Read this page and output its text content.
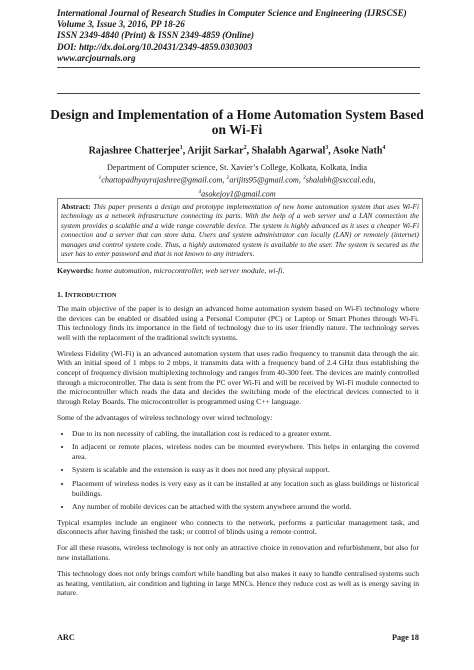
International Journal of Research Studies in Computer Science and Engineering (IJRSCSE)
Volume 3, Issue 3, 2016, PP 18-26
ISSN 2349-4840 (Print) & ISSN 2349-4859 (Online)
DOI: http://dx.doi.org/10.20431/2349-4859.0303003
www.arcjournals.org
Design and Implementation of a Home Automation System Based
on Wi-Fi
Rajashree Chatterjee$^1$, Arijit Sarkar$^2$, Shalabh Agarwal$^3$, Asoke Nath$^4$
Department of Computer science, St. Xavier’s College, Kolkata, Kolkata, India
$^1$chattopadhyayrajashree@gmail.com, $^2$arijits95@gmail.com, $^3$shalabh@sxccal.edu,
$^4$asokejoy1@gmail.com
Abstract: This paper presents a design and prototype implementation of new home automation system that uses Wi-Fi technology as a network infrastructure connecting its parts. With the help of a web server and a LAN connection the system provides a scalable and a wide range coverable device. The system is highly advanced as it uses a cheaper Wi-Fi connection and a server that can store data. Users and system administrator can locally (LAN) or remotely (internet) manages and control system code. Thus, a highly automated system is available to the user. The system is secured as the user has to enter password and that is not known to any intruders.
Keywords: home automation, microcontroller, web server module, wi-fi.
1. INTRODUCTION

The main objective of the paper is to design an advanced home automation system based on Wi-Fi technology where the devices can be enabled or disabled using a Personal Computer (PC) or Laptop or Smart Phones through Wi-Fi. This technology finds its importance in the field of technology due to its user friendly nature. The technology serves well with the replacement of the traditional switch systems.

Wireless Fidelity (Wi-Fi) is an advanced automation system that uses radio frequency to transmit data through the air. With an initial speed of 1 mbps to 2 mbps, it transmits data with a frequency band of 2.4 GHz thus establishing the concept of frequency division multiplexing technology and ranges from 40-300 feet. The devices are mainly controlled through a microcontroller. The data is sent from the PC over Wi-Fi and will be received by Wi-Fi module connected to the microcontroller which reads the data and decides the switching mode of the electrical devices connected to it through Relay Boards. The microcontroller is programmed using C++ language.

Some of the advantages of wireless technology over wired technology:

• Due to its non necessity of cabling, the installation cost is reduced to a greater extent.
• In adjacent or remote places, wireless nodes can be mounted everywhere. This helps in enlarging the covered area.
• System is scalable and the extension is easy as it does not need any physical support.
• Placement of wireless nodes is very easy as it can be installed at any location such as glass buildings or historical buildings.
• Any number of mobile devices can be attached with the system anywhere around the world.

Typical examples include an engineer who connects to the network, performs a particular management task, and disconnects after having finished the task; or control of blinds using a remote control.

For all these reasons, wireless technology is not only an attractive choice in renovation and refurbishment, but also for new installations.

This technology does not only brings comfort while handling but also makes it easy to handle centralised systems such as heating, ventilation, air condition and lighting in large MNCs. Hence they reduce cost as well as is energy saving in nature.

ARC	Page 18
